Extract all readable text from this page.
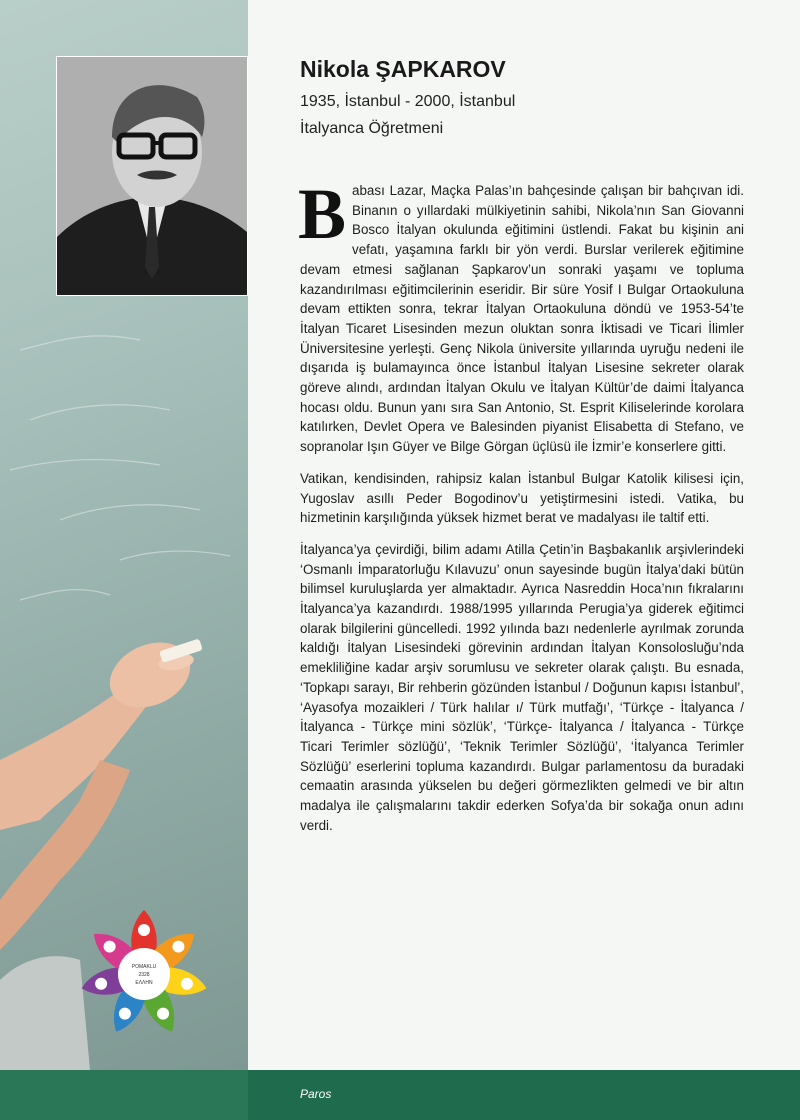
Nikola ŞAPKAROV
1935, İstanbul - 2000, İstanbul
İtalyanca Öğretmeni

Babası Lazar, Maçka Palas’ın bahçesinde çalışan bir bahçıvan idi. Binanın o yıllardaki mülkiyetinin sahibi, Nikola’nın San Giovanni Bosco İtalyan okulunda eğitimini üstlendi. Fakat bu kişinin ani vefatı, yaşamına farklı bir yön verdi. Burslar verilerek eğitimine devam etmesi sağlanan Şapkarov’un sonraki yaşamı ve topluma kazandırılması eğitimcilerinin eseridir. Bir süre Yosif I Bulgar Ortaokuluna devam ettikten sonra, tekrar İtalyan Ortaokuluna döndü ve 1953-54’te İtalyan Ticaret Lisesinden mezun oluktan sonra İktisadi ve Ticari İlimler Üniversitesine yerleşti. Genç Nikola üniversite yıllarında uyruğu nedeni ile dışarıda iş bulamayınca önce İstanbul İtalyan Lisesine sekreter olarak göreve alındı, ardından İtalyan Okulu ve İtalyan Kültür’de daimi İtalyanca hocası oldu. Bunun yanı sıra San Antonio, St. Esprit Kiliselerinde korolara katılırken, Devlet Opera ve Balesinden piyanist Elisabetta di Stefano, ve sopranolar Işın Güyer ve Bilge Görgan üçlüsü ile İzmir’e konserlere gitti.

Vatikan, kendisinden, rahipsiz kalan İstanbul Bulgar Katolik kilisesi için, Yugoslav asıllı Peder Bogodinov’u yetiştirmesini istedi. Vatika, bu hizmetinin karşılığında yüksek hizmet berat ve madalyası ile taltif etti.

İtalyanca’ya çevirdiği, bilim adamı Atilla Çetin’in Başbakanlık arşivlerindeki ‘Osmanlı İmparatorluğu Kılavuzu’ onun sayesinde bugün İtalya’daki bütün bilimsel kuruluşlarda yer almaktadır. Ayrıca Nasreddin Hoca’nın fıkralarını İtalyanca’ya kazandırdı. 1988/1995 yıllarında Perugia’ya giderek eğitimci olarak bilgilerini güncelledi. 1992 yılında bazı nedenlerle ayrılmak zorunda kaldığı İtalyan Lisesindeki görevinin ardından İtalyan Konsolosluğu’nda emekliliğine kadar arşiv sorumlusu ve sekreter olarak çalıştı. Bu esnada, ‘Topkapı sarayı, Bir rehberin gözünden İstanbul / Doğunun kapısı İstanbul’, ‘Ayasofya mozaikleri / Türk halılar ı/ Türk mutfağı’, ‘Türkçe - İtalyanca / İtalyanca - Türkçe mini sözlük’, ‘Türkçe- İtalyanca / İtalyanca - Türkçe Ticari Terimler sözlüğü’, ‘Teknik Terimler Sözlüğü’, ‘İtalyanca Terimler Sözlüğü’ eserlerini topluma kazandırdı. Bulgar parlamentosu da buradaki cemaatin arasında yükselen bu değeri görmezlikten gelmedi ve bir altın madalya ile çalışmalarını takdir ederken Sofya’da bir sokağa onun adını verdi.

POMAKLU
2328
ΕΛΛΗΝ
Paros
